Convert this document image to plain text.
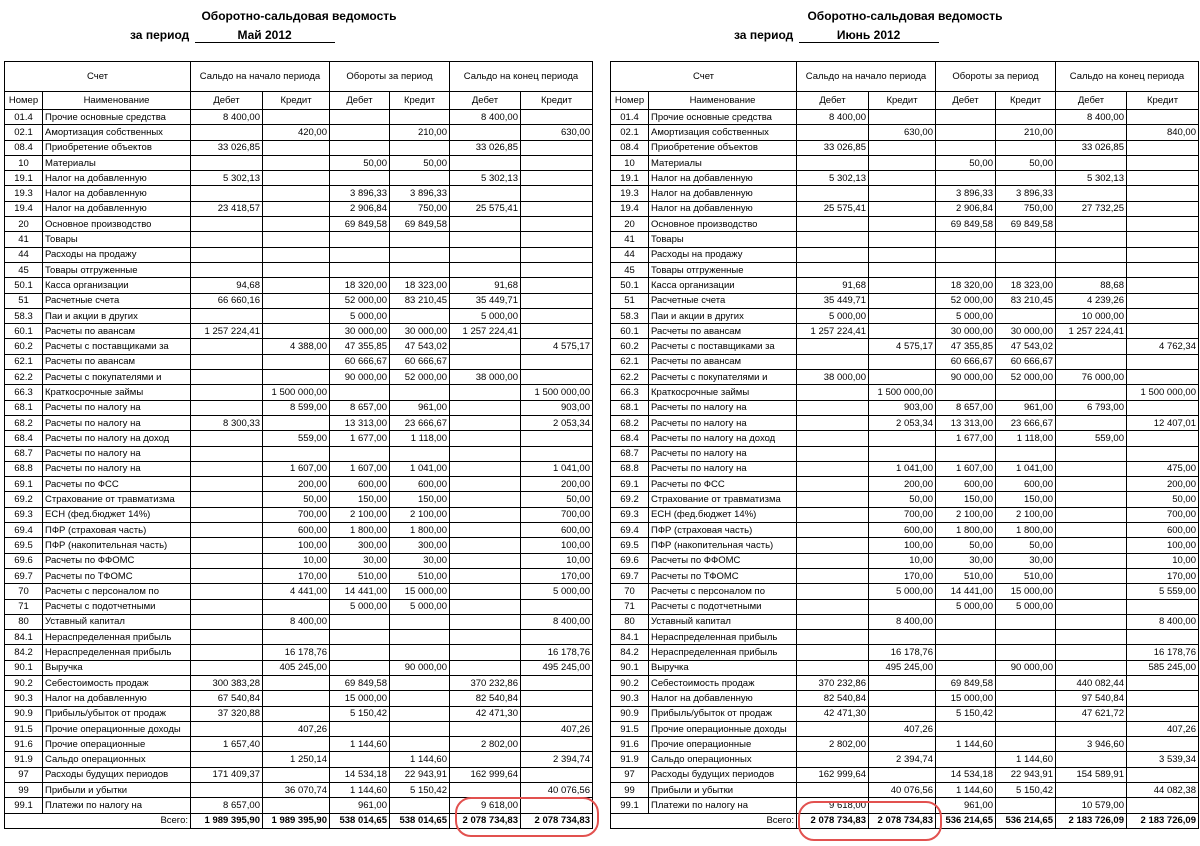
Оборотно-сальдовая ведомость
за период	Май 2012
Счет		Сальдо на начало периода		Обороты за период		Сальдо на конец периода	
Номер	Наименование	Дебет	Кредит	Дебет	Кредит	Дебет	Кредит
01.4	Прочие основные средства	8 400,00				8 400,00	
02.1	Амортизация собственных		420,00		210,00		630,00
08.4	Приобретение объектов	33 026,85				33 026,85	
10	Материалы			50,00	50,00		
19.1	Налог на добавленную	5 302,13				5 302,13	
19.3	Налог на добавленную			3 896,33	3 896,33		
19.4	Налог на добавленную	23 418,57		2 906,84	750,00	25 575,41	
20	Основное производство			69 849,58	69 849,58		
41	Товары						
44	Расходы на продажу						
45	Товары отгруженные						
50.1	Касса организации	94,68		18 320,00	18 323,00	91,68	
51	Расчетные счета	66 660,16		52 000,00	83 210,45	35 449,71	
58.3	Паи и акции в других			5 000,00		5 000,00	
60.1	Расчеты по авансам	1 257 224,41		30 000,00	30 000,00	1 257 224,41	
60.2	Расчеты с поставщиками за		4 388,00	47 355,85	47 543,02		4 575,17
62.1	Расчеты по авансам			60 666,67	60 666,67		
62.2	Расчеты с покупателями и			90 000,00	52 000,00	38 000,00	
66.3	Краткосрочные займы		1 500 000,00				1 500 000,00
68.1	Расчеты по налогу на		8 599,00	8 657,00	961,00		903,00
68.2	Расчеты по налогу на	8 300,33		13 313,00	23 666,67		2 053,34
68.4	Расчеты по налогу на доход		559,00	1 677,00	1 118,00		
68.7	Расчеты по налогу на						
68.8	Расчеты по налогу на		1 607,00	1 607,00	1 041,00		1 041,00
69.1	Расчеты по ФСС		200,00	600,00	600,00		200,00
69.2	Страхование от травматизма		50,00	150,00	150,00		50,00
69.3	ЕСН (фед.бюджет 14%)		700,00	2 100,00	2 100,00		700,00
69.4	ПФР (страховая часть)		600,00	1 800,00	1 800,00		600,00
69.5	ПФР (накопительная часть)		100,00	300,00	300,00		100,00
69.6	Расчеты по ФФОМС		10,00	30,00	30,00		10,00
69.7	Расчеты по ТФОМС		170,00	510,00	510,00		170,00
70	Расчеты с персоналом по		4 441,00	14 441,00	15 000,00		5 000,00
71	Расчеты с подотчетными			5 000,00	5 000,00		
80	Уставный капитал		8 400,00				8 400,00
84.1	Нераспределенная прибыль						
84.2	Нераспределенная прибыль		16 178,76				16 178,76
90.1	Выручка		405 245,00		90 000,00		495 245,00
90.2	Себестоимость продаж	300 383,28		69 849,58		370 232,86	
90.3	Налог на добавленную	67 540,84		15 000,00		82 540,84	
90.9	Прибыль/убыток от продаж	37 320,88		5 150,42		42 471,30	
91.5	Прочие операционные доходы		407,26				407,26
91.6	Прочие операционные	1 657,40		1 144,60		2 802,00	
91.9	Сальдо операционных		1 250,14		1 144,60		2 394,74
97	Расходы будущих периодов	171 409,37		14 534,18	22 943,91	162 999,64	
99	Прибыли и убытки		36 070,74	1 144,60	5 150,42		40 076,56
99.1	Платежи по налогу на	8 657,00		961,00		9 618,00	
Всего:		1 989 395,90	1 989 395,90	538 014,65	538 014,65	2 078 734,83	2 078 734,83
Оборотно-сальдовая ведомость
за период	Июнь 2012
Счет		Сальдо на начало периода		Обороты за период		Сальдо на конец периода	
Номер	Наименование	Дебет	Кредит	Дебет	Кредит	Дебет	Кредит
01.4	Прочие основные средства	8 400,00				8 400,00	
02.1	Амортизация собственных		630,00		210,00		840,00
08.4	Приобретение объектов	33 026,85				33 026,85	
10	Материалы			50,00	50,00		
19.1	Налог на добавленную	5 302,13				5 302,13	
19.3	Налог на добавленную			3 896,33	3 896,33		
19.4	Налог на добавленную	25 575,41		2 906,84	750,00	27 732,25	
20	Основное производство			69 849,58	69 849,58		
41	Товары						
44	Расходы на продажу						
45	Товары отгруженные						
50.1	Касса организации	91,68		18 320,00	18 323,00	88,68	
51	Расчетные счета	35 449,71		52 000,00	83 210,45	4 239,26	
58.3	Паи и акции в других	5 000,00		5 000,00		10 000,00	
60.1	Расчеты по авансам	1 257 224,41		30 000,00	30 000,00	1 257 224,41	
60.2	Расчеты с поставщиками за		4 575,17	47 355,85	47 543,02		4 762,34
62.1	Расчеты по авансам			60 666,67	60 666,67		
62.2	Расчеты с покупателями и	38 000,00		90 000,00	52 000,00	76 000,00	
66.3	Краткосрочные займы		1 500 000,00				1 500 000,00
68.1	Расчеты по налогу на		903,00	8 657,00	961,00	6 793,00	
68.2	Расчеты по налогу на		2 053,34	13 313,00	23 666,67		12 407,01
68.4	Расчеты по налогу на доход			1 677,00	1 118,00	559,00	
68.7	Расчеты по налогу на						
68.8	Расчеты по налогу на		1 041,00	1 607,00	1 041,00		475,00
69.1	Расчеты по ФСС		200,00	600,00	600,00		200,00
69.2	Страхование от травматизма		50,00	150,00	150,00		50,00
69.3	ЕСН (фед.бюджет 14%)		700,00	2 100,00	2 100,00		700,00
69.4	ПФР (страховая часть)		600,00	1 800,00	1 800,00		600,00
69.5	ПФР (накопительная часть)		100,00	50,00	50,00		100,00
69.6	Расчеты по ФФОМС		10,00	30,00	30,00		10,00
69.7	Расчеты по ТФОМС		170,00	510,00	510,00		170,00
70	Расчеты с персоналом по		5 000,00	14 441,00	15 000,00		5 559,00
71	Расчеты с подотчетными			5 000,00	5 000,00		
80	Уставный капитал		8 400,00				8 400,00
84.1	Нераспределенная прибыль						
84.2	Нераспределенная прибыль		16 178,76				16 178,76
90.1	Выручка		495 245,00		90 000,00		585 245,00
90.2	Себестоимость продаж	370 232,86		69 849,58		440 082,44	
90.3	Налог на добавленную	82 540,84		15 000,00		97 540,84	
90.9	Прибыль/убыток от продаж	42 471,30		5 150,42		47 621,72	
91.5	Прочие операционные доходы		407,26				407,26
91.6	Прочие операционные	2 802,00		1 144,60		3 946,60	
91.9	Сальдо операционных		2 394,74		1 144,60		3 539,34
97	Расходы будущих периодов	162 999,64		14 534,18	22 943,91	154 589,91	
99	Прибыли и убытки		40 076,56	1 144,60	5 150,42		44 082,38
99.1	Платежи по налогу на	9 618,00		961,00		10 579,00	
Всего:		2 078 734,83	2 078 734,83	536 214,65	536 214,65	2 183 726,09	2 183 726,09
